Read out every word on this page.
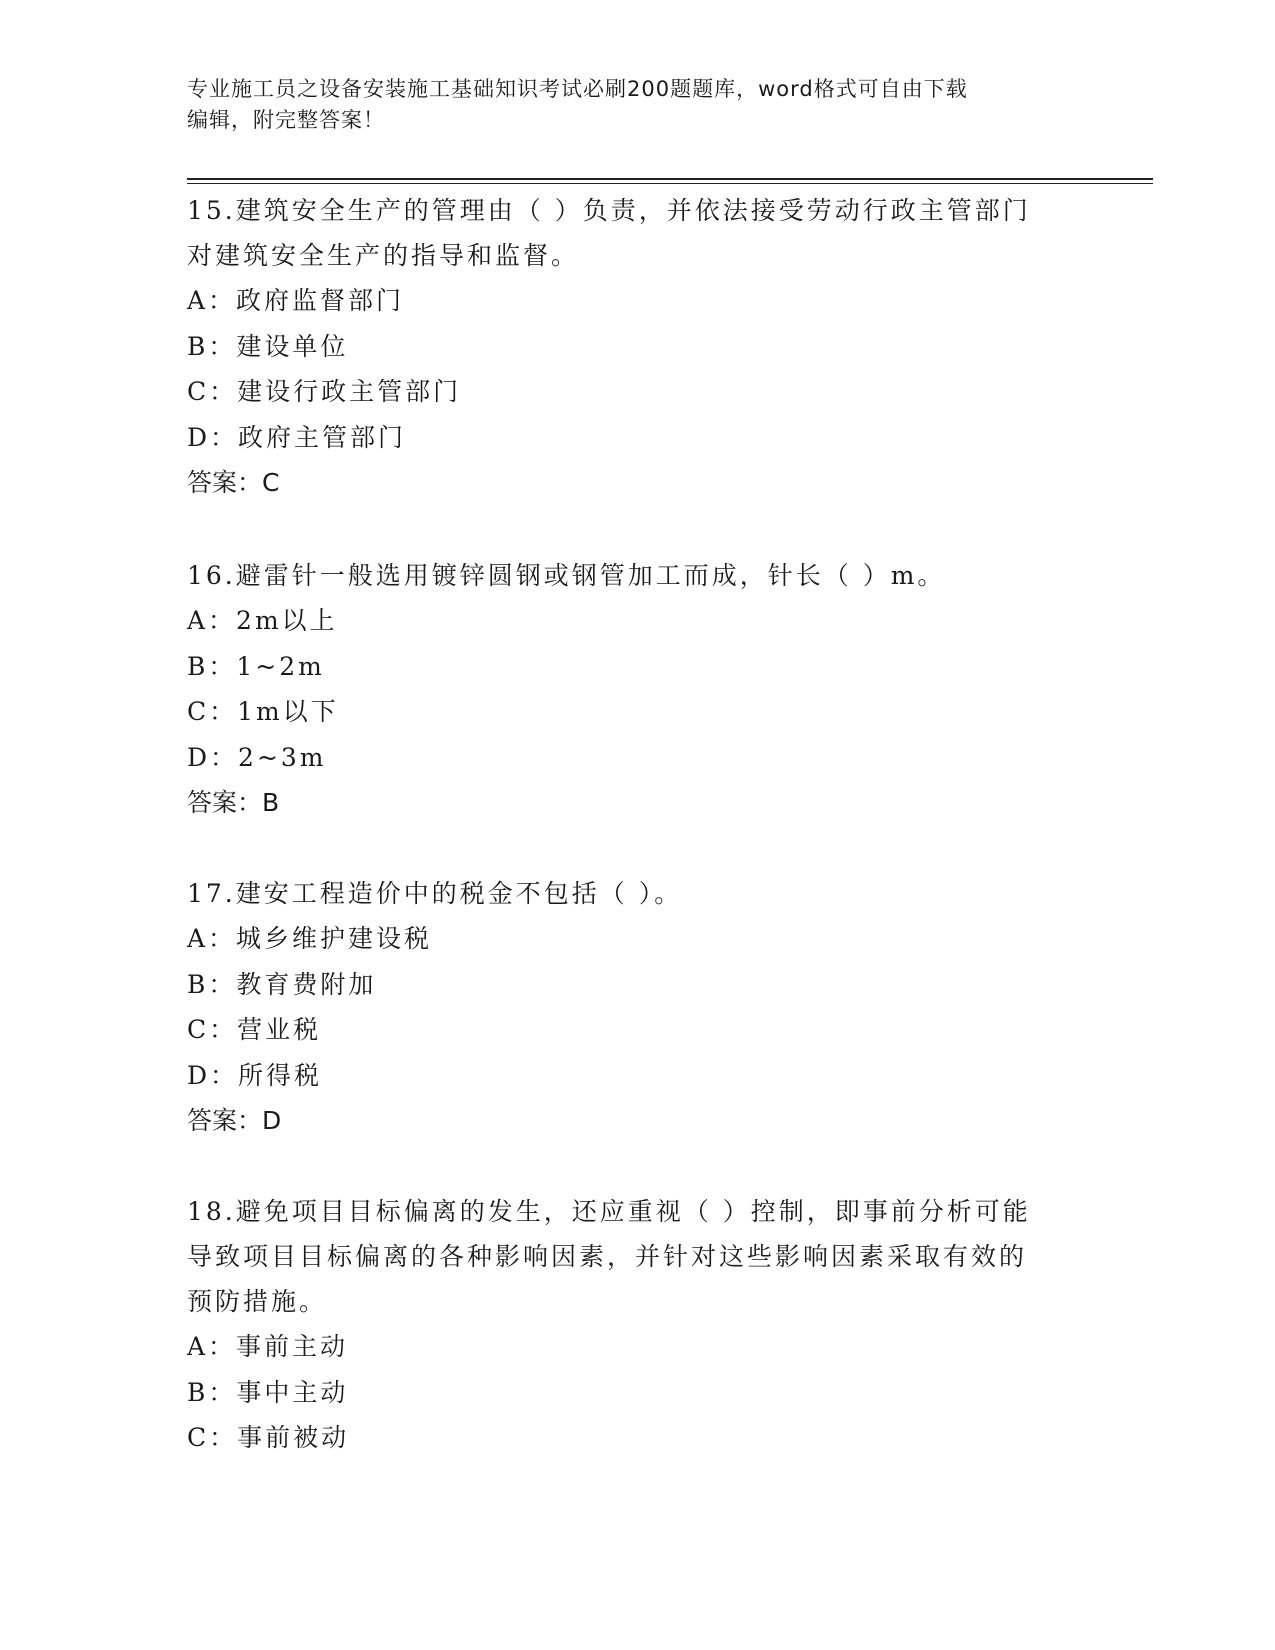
专业施工员之设备安装施工基础知识考试必刷200题题库，word格式可自由下载
编辑，附完整答案！

15.建筑安全生产的管理由（ ）负责，并依法接受劳动行政主管部门

对建筑安全生产的指导和监督。

A：政府监督部门

B：建设单位

C：建设行政主管部门

D：政府主管部门

答案：C

16.避雷针一般选用镀锌圆钢或钢管加工而成，针长（ ）m。

A：2m以上

B：1~2m

C：1m以下

D：2~3m

答案：B

17.建安工程造价中的税金不包括（ ）。

A：城乡维护建设税

B：教育费附加

C：营业税

D：所得税

答案：D

18.避免项目目标偏离的发生，还应重视（ ）控制，即事前分析可能

导致项目目标偏离的各种影响因素，并针对这些影响因素采取有效的

预防措施。

A：事前主动

B：事中主动

C：事前被动
